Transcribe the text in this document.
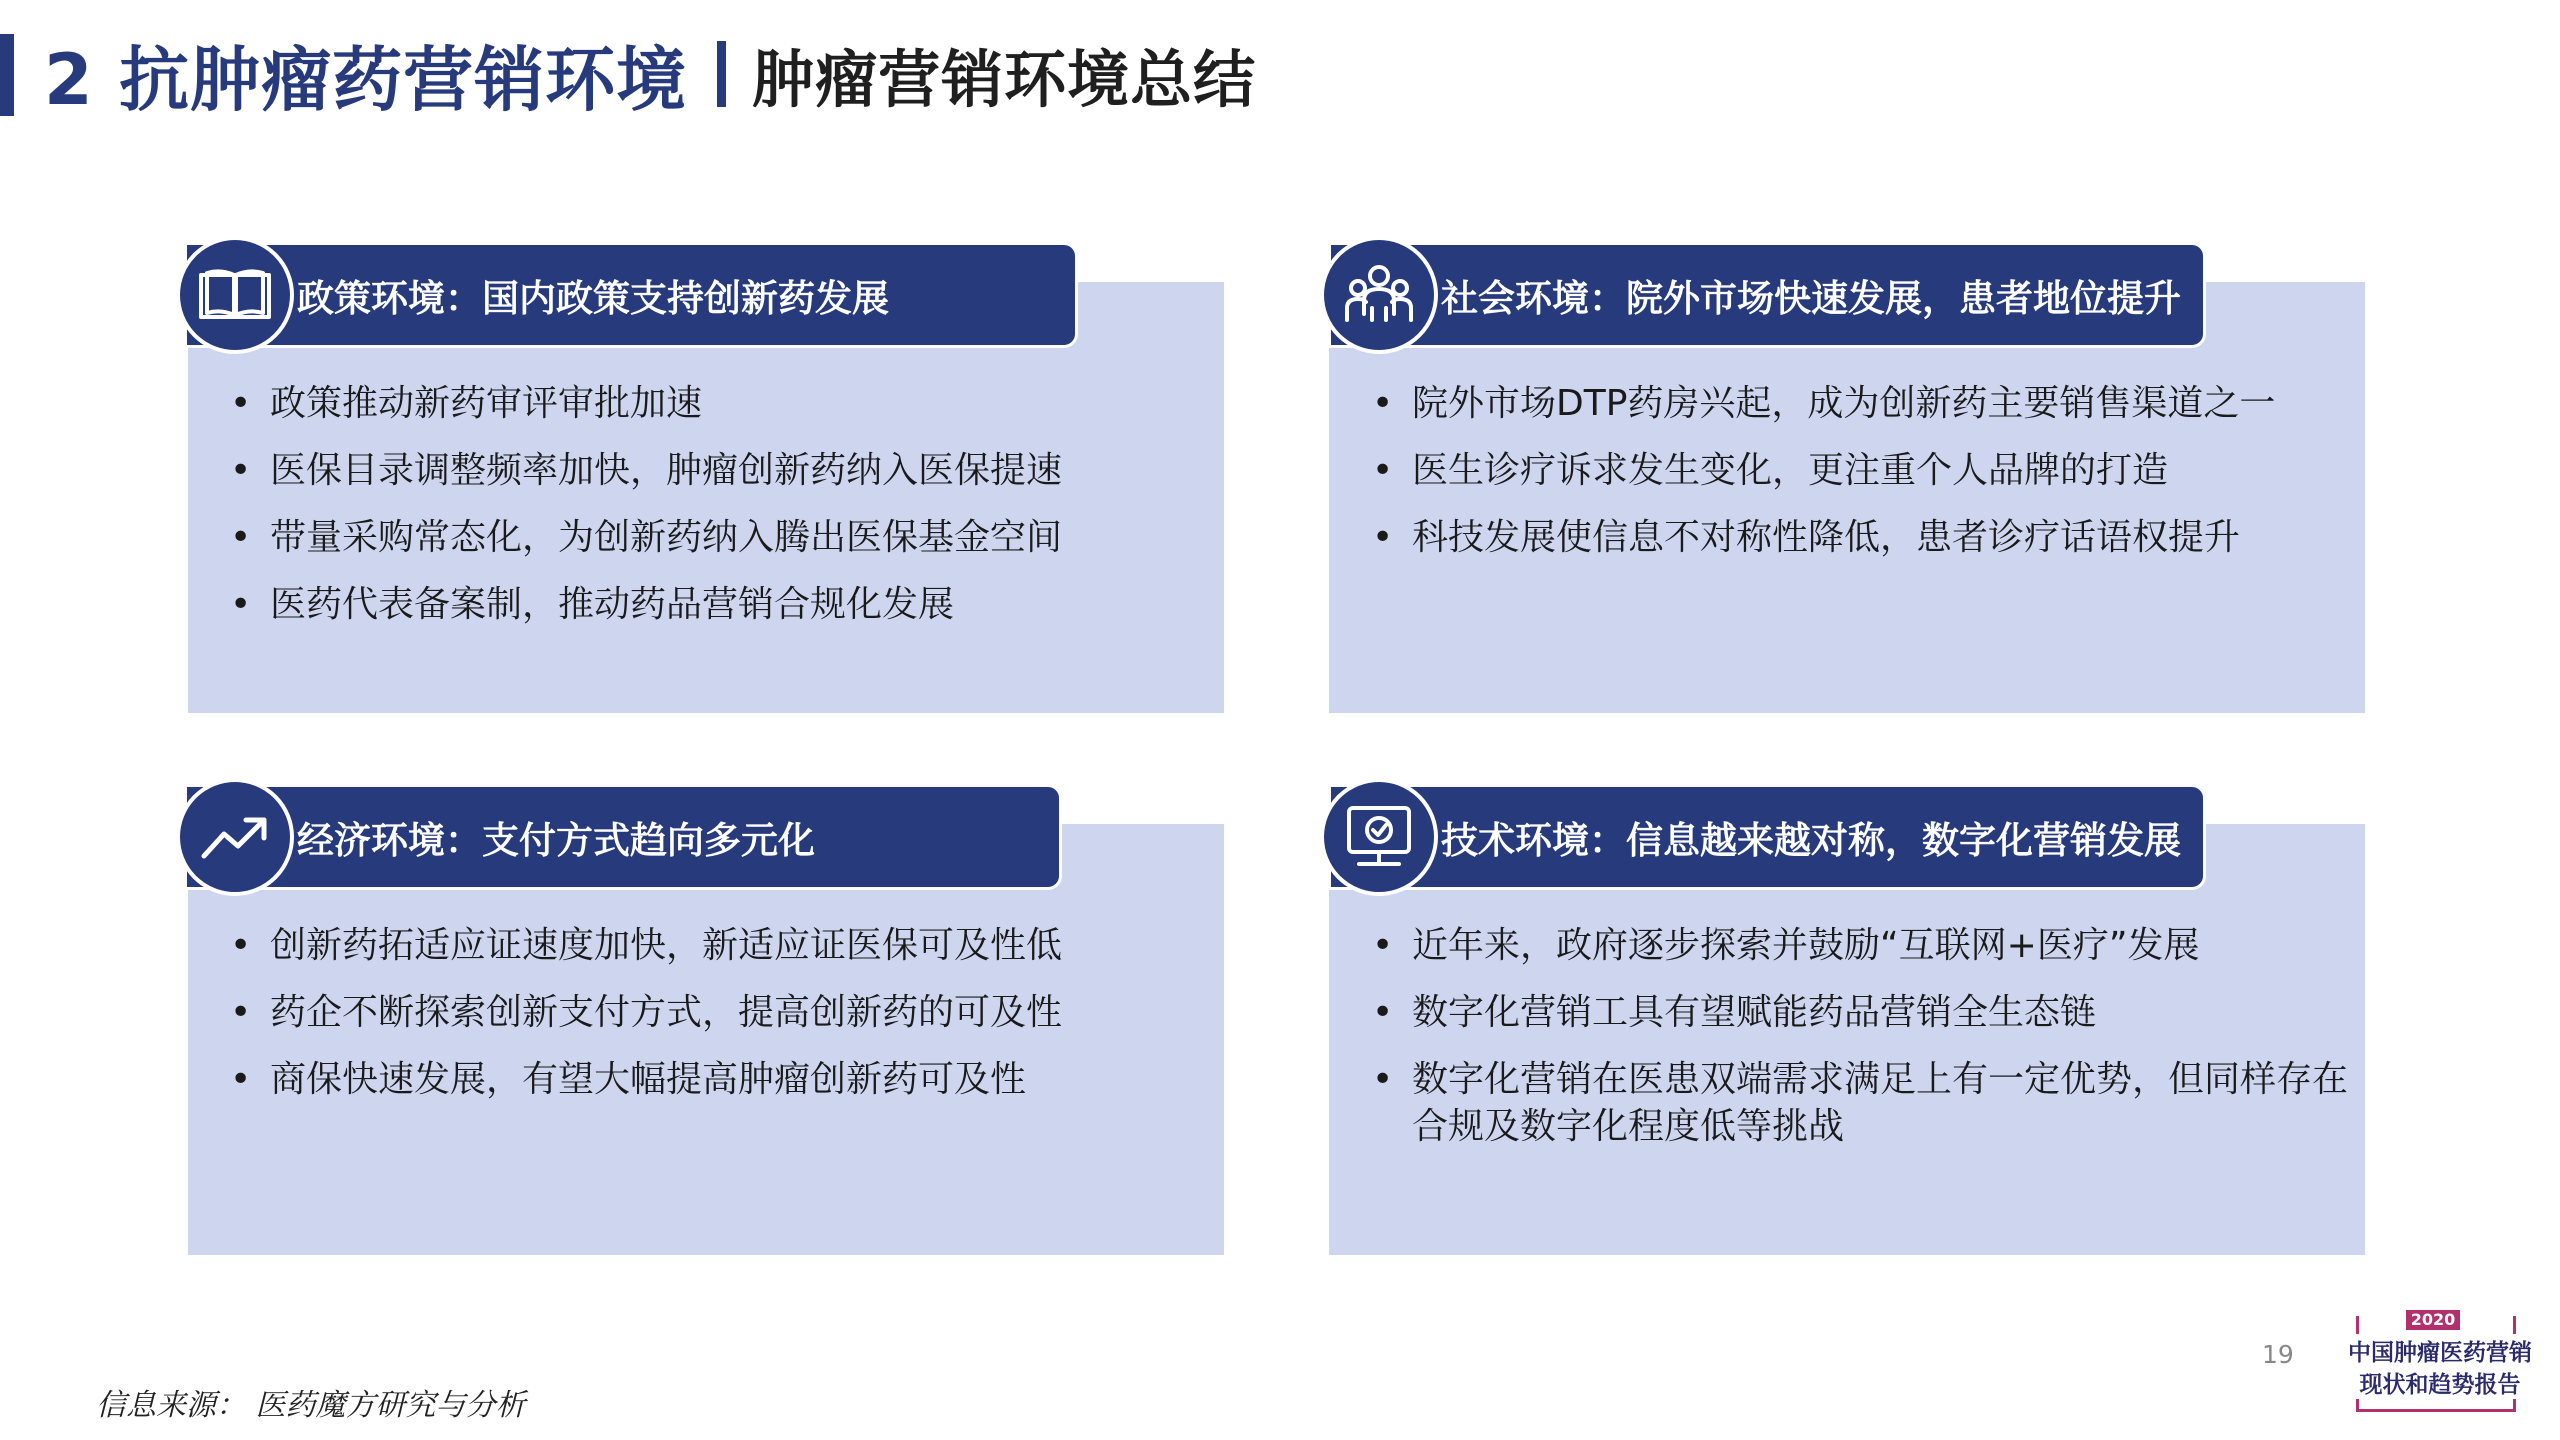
2 抗肿瘤药营销环境 肿瘤营销环境总结
政策环境：国内政策支持创新药发展
• 政策推动新药审评审批加速
• 医保目录调整频率加快，肿瘤创新药纳入医保提速
• 带量采购常态化，为创新药纳入腾出医保基金空间
• 医药代表备案制，推动药品营销合规化发展
社会环境：院外市场快速发展，患者地位提升
• 院外市场DTP药房兴起，成为创新药主要销售渠道之一
• 医生诊疗诉求发生变化，更注重个人品牌的打造
• 科技发展使信息不对称性降低，患者诊疗话语权提升
经济环境：支付方式趋向多元化
• 创新药拓适应证速度加快，新适应证医保可及性低
• 药企不断探索创新支付方式，提高创新药的可及性
• 商保快速发展，有望大幅提高肿瘤创新药可及性
技术环境：信息越来越对称，数字化营销发展
• 近年来，政府逐步探索并鼓励“互联网+医疗”发展
• 数字化营销工具有望赋能药品营销全生态链
• 数字化营销在医患双端需求满足上有一定优势，但同样存在合规及数字化程度低等挑战
19
信息来源： 医药魔方研究与分析
2020
中国肿瘤医药营销
现状和趋势报告
